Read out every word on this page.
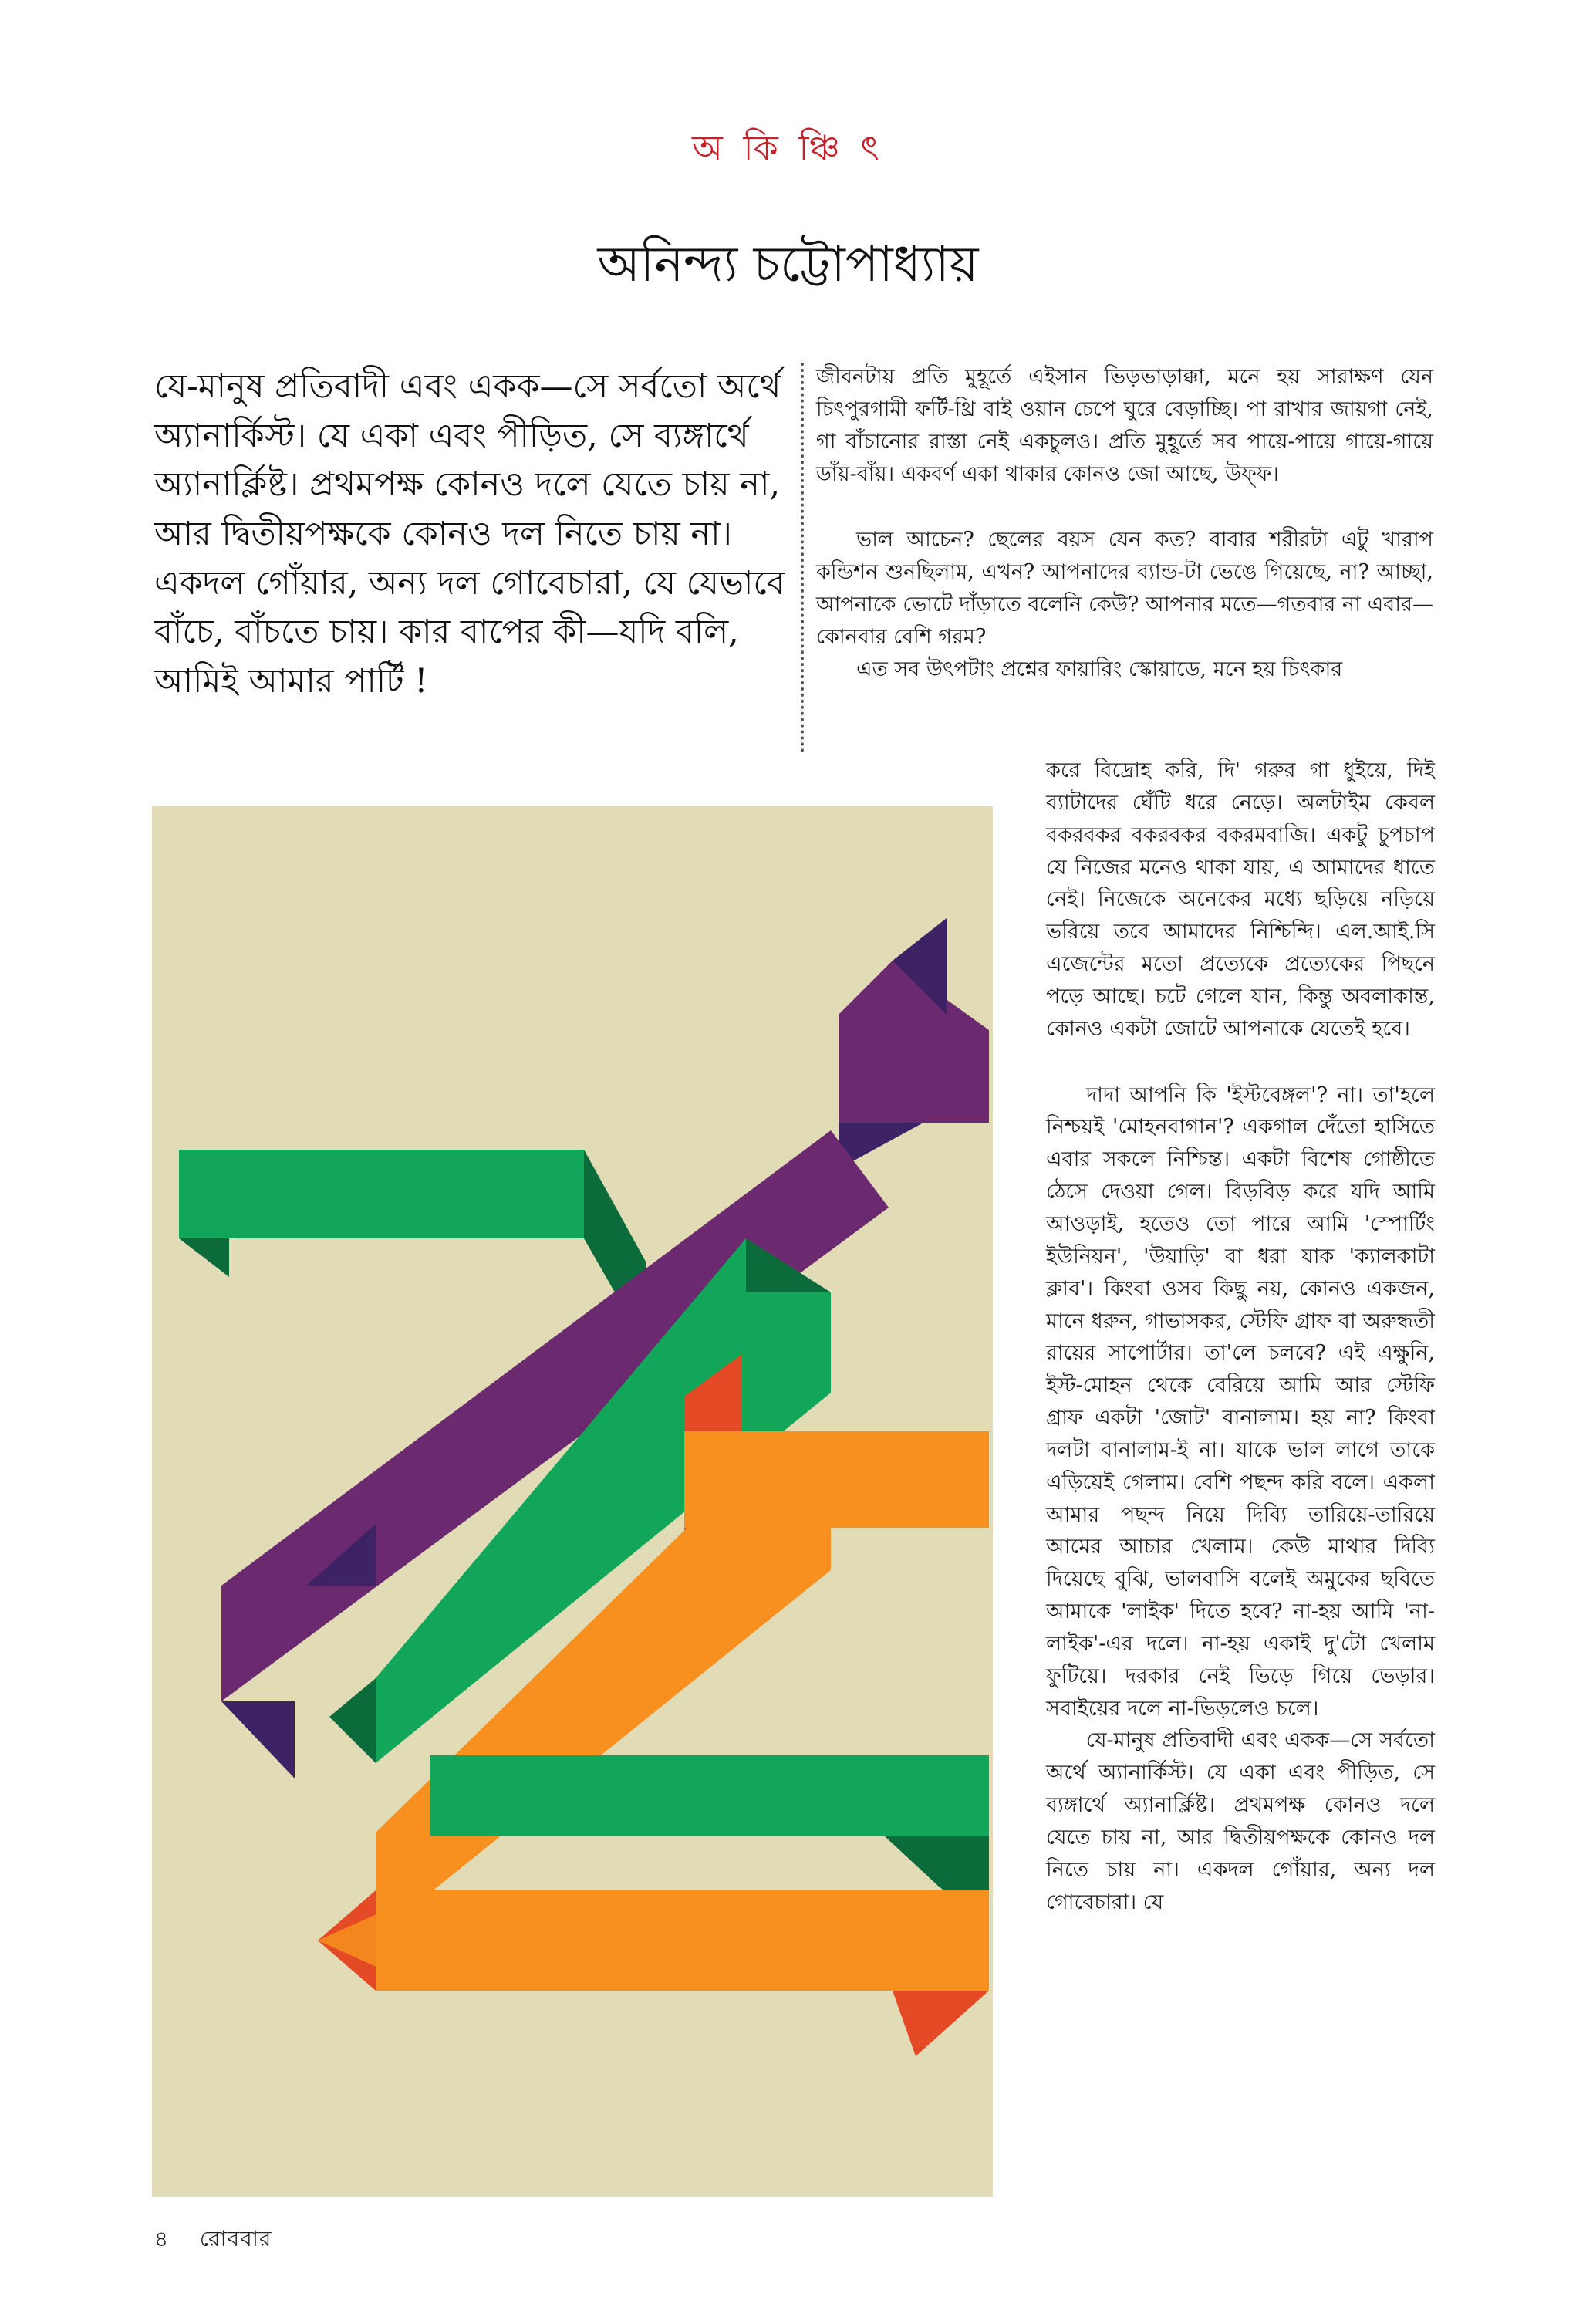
অ কি ঞ্চি ৎ
অনিন্দ্য চট্টোপাধ্যায়
যে-মানুষ প্রতিবাদী এবং একক—সে সর্বতো অর্থে অ্যানার্কিস্ট। যে একা এবং পীড়িত, সে ব্যঙ্গার্থে অ্যানার্ক্লিষ্ট। প্রথমপক্ষ কোনও দলে যেতে চায় না, আর দ্বিতীয়পক্ষকে কোনও দল নিতে চায় না। একদল গোঁয়ার, অন্য দল গোবেচারা, যে যেভাবে বাঁচে, বাঁচতে চায়। কার বাপের কী—যদি বলি, আমিই আমার পার্টি !

জীবনটায় প্রতি মুহূর্তে এইসান ভিড়ভাড়াক্কা, মনে হয় সারাক্ষণ যেন চিৎপুরগামী ফর্টি-থ্রি বাই ওয়ান চেপে ঘুরে বেড়াচ্ছি। পা রাখার জায়গা নেই, গা বাঁচানোর রাস্তা নেই একচুলও। প্রতি মুহূর্তে সব পায়ে-পায়ে গায়ে-গায়ে ডাঁয়-বাঁয়। একবর্ণ একা থাকার কোনও জো আছে, উফ্ফ।

ভাল আচেন? ছেলের বয়স যেন কত? বাবার শরীরটা এটু খারাপ কন্ডিশন শুনছিলাম, এখন? আপনাদের ব্যান্ড-টা ভেঙে গিয়েছে, না? আচ্ছা, আপনাকে ভোটে দাঁড়াতে বলেনি কেউ? আপনার মতে—গতবার না এবার—কোনবার বেশি গরম?

এত সব উৎপটাং প্রশ্নের ফায়ারিং স্কোয়াডে, মনে হয় চিৎকার

করে বিদ্রোহ করি, দি' গরুর গা ধুইয়ে, দিই ব্যাটাদের ঘেঁটি ধরে নেড়ে। অলটাইম কেবল বকরবকর বকরবকর বকরমবাজি। একটু চুপচাপ যে নিজের মনেও থাকা যায়, এ আমাদের ধাতে নেই। নিজেকে অনেকের মধ্যে ছড়িয়ে নড়িয়ে ভরিয়ে তবে আমাদের নিশ্চিন্দি। এল.আই.সি এজেন্টের মতো প্রত্যেকে প্রত্যেকের পিছনে পড়ে আছে। চটে গেলে যান, কিন্তু অবলাকান্ত, কোনও একটা জোটে আপনাকে যেতেই হবে।

দাদা আপনি কি 'ইস্টবেঙ্গল'? না। তা'হলে নিশ্চয়ই 'মোহনবাগান'? একগাল দেঁতো হাসিতে এবার সকলে নিশ্চিন্ত। একটা বিশেষ গোষ্ঠীতে ঠেসে দেওয়া গেল। বিড়বিড় করে যদি আমি আওড়াই, হতেও তো পারে আমি 'স্পোর্টিং ইউনিয়ন', 'উয়াড়ি' বা ধরা যাক 'ক্যালকাটা ক্লাব'। কিংবা ওসব কিছু নয়, কোনও একজন, মানে ধরুন, গাভাসকর, স্টেফি গ্রাফ বা অরুন্ধতী রায়ের সাপোর্টার। তা'লে চলবে? এই এক্ষুনি, ইস্ট-মোহন থেকে বেরিয়ে আমি আর স্টেফি গ্রাফ একটা 'জোট' বানালাম। হয় না? কিংবা দলটা বানালাম-ই না। যাকে ভাল লাগে তাকে এড়িয়েই গেলাম। বেশি পছন্দ করি বলে। একলা আমার পছন্দ নিয়ে দিব্যি তারিয়ে-তারিয়ে আমের আচার খেলাম। কেউ মাথার দিব্যি দিয়েছে বুঝি, ভালবাসি বলেই অমুকের ছবিতে আমাকে 'লাইক' দিতে হবে? না-হয় আমি 'না-লাইক'-এর দলে। না-হয় একাই দু'টো খেলাম ফুটিয়ে। দরকার নেই ভিড়ে গিয়ে ভেড়ার। সবাইয়ের দলে না-ভিড়লেও চলে।

যে-মানুষ প্রতিবাদী এবং একক—সে সর্বতো অর্থে অ্যানার্কিস্ট। যে একা এবং পীড়িত, সে ব্যঙ্গার্থে অ্যানার্ক্লিষ্ট। প্রথমপক্ষ কোনও দলে যেতে চায় না, আর দ্বিতীয়পক্ষকে কোনও দল নিতে চায় না। একদল গোঁয়ার, অন্য দল গোবেচারা। যে

৪ রোববার
